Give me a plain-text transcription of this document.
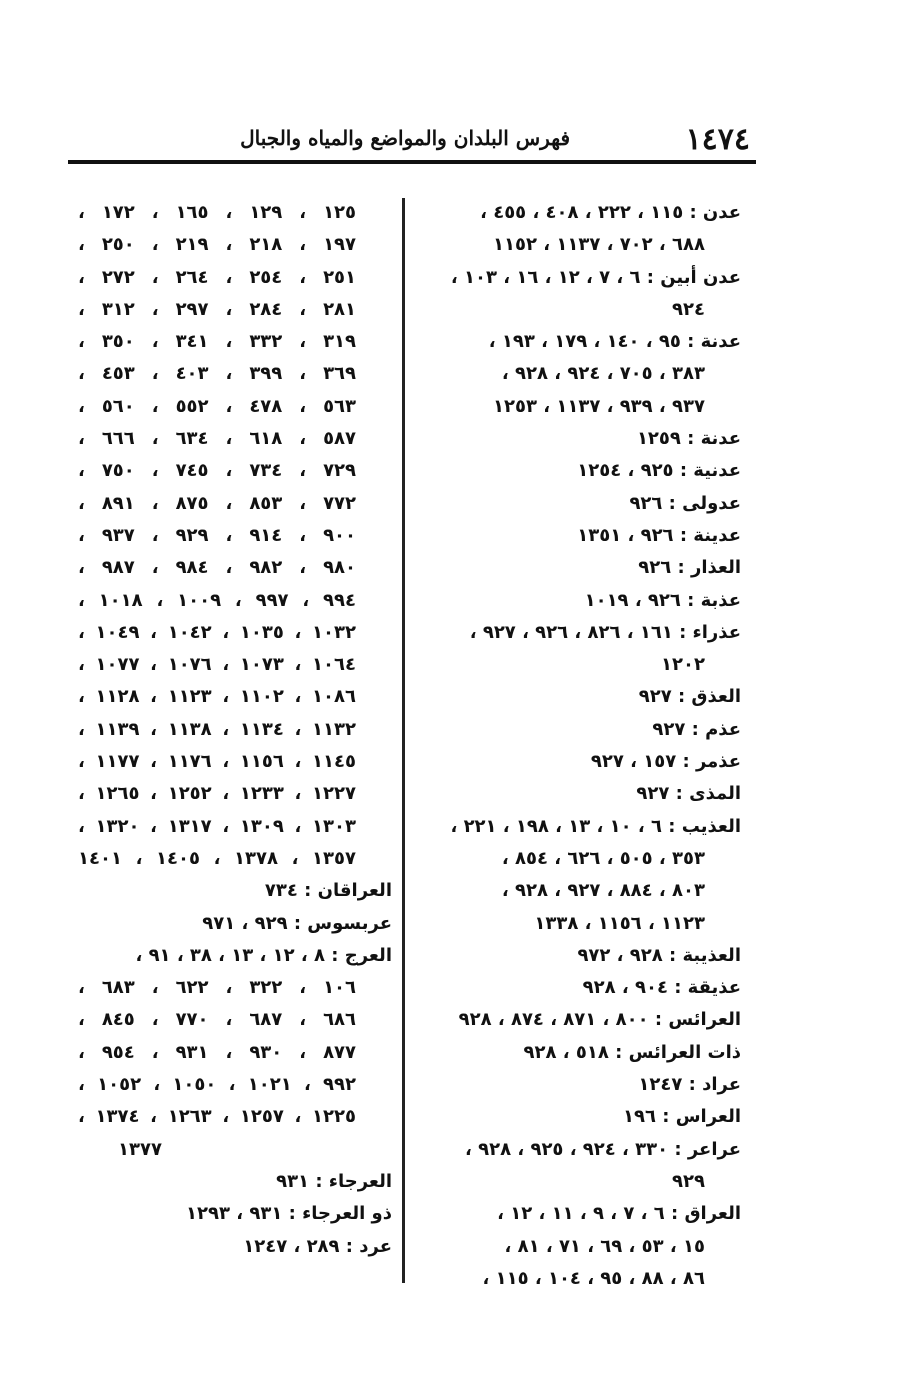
١٤٧٤
فهرس البلدان والمواضع والمياه والجبال
عدن : ١١٥ ، ٢٢٢ ، ٤٠٨ ، ٤٥٥ ،
٦٨٨ ، ٧٠٢ ، ١١٣٧ ، ١١٥٢
عدن أبين : ٦ ، ٧ ، ١٢ ، ١٦ ، ١٠٣ ،
٩٢٤
عدنة : ٩٥ ، ١٤٠ ، ١٧٩ ، ١٩٣ ،
٣٨٣ ، ٧٠٥ ، ٩٢٤ ، ٩٢٨ ،
٩٣٧ ، ٩٣٩ ، ١١٣٧ ، ١٢٥٣
عدنة : ١٢٥٩
عدنية : ٩٢٥ ، ١٢٥٤
عدولى : ٩٢٦
عدينة : ٩٢٦ ، ١٣٥١
العذار : ٩٢٦
عذبة : ٩٢٦ ، ١٠١٩
عذراء : ١٦١ ، ٨٢٦ ، ٩٢٦ ، ٩٢٧ ،
١٢٠٢
العذق : ٩٢٧
عذم : ٩٢٧
عذمر : ١٥٧ ، ٩٢٧
المذى : ٩٢٧
العذيب : ٦ ، ١٠ ، ١٣ ، ١٩٨ ، ٢٢١ ،
٣٥٣ ، ٥٠٥ ، ٦٢٦ ، ٨٥٤ ،
٨٠٣ ، ٨٨٤ ، ٩٢٧ ، ٩٢٨ ،
١١٢٣ ، ١١٥٦ ، ١٣٣٨
العذيبة : ٩٢٨ ، ٩٧٢
عذيقة : ٩٠٤ ، ٩٢٨
العرائس : ٨٠٠ ، ٨٧١ ، ٨٧٤ ، ٩٢٨
ذات العرائس : ٥١٨ ، ٩٢٨
عراد : ١٢٤٧
العراس : ١٩٦
عراعر : ٣٣٠ ، ٩٢٤ ، ٩٢٥ ، ٩٢٨ ،
٩٢٩
العراق : ٦ ، ٧ ، ٩ ، ١١ ، ١٢ ،
١٥ ، ٥٣ ، ٦٩ ، ٧١ ، ٨١ ،
٨٦ ، ٨٨ ، ٩٥ ، ١٠٤ ، ١١٥ ،
١٢٥ ، ١٢٩ ، ١٦٥ ، ١٧٢ ،
١٩٧ ، ٢١٨ ، ٢١٩ ، ٢٥٠ ،
٢٥١ ، ٢٥٤ ، ٢٦٤ ، ٢٧٢ ،
٢٨١ ، ٢٨٤ ، ٢٩٧ ، ٣١٢ ،
٣١٩ ، ٣٣٢ ، ٣٤١ ، ٣٥٠ ،
٣٦٩ ، ٣٩٩ ، ٤٠٣ ، ٤٥٣ ،
٥٦٣ ، ٤٧٨ ، ٥٥٢ ، ٥٦٠ ،
٥٨٧ ، ٦١٨ ، ٦٣٤ ، ٦٦٦ ،
٧٢٩ ، ٧٣٤ ، ٧٤٥ ، ٧٥٠ ،
٧٧٢ ، ٨٥٣ ، ٨٧٥ ، ٨٩١ ،
٩٠٠ ، ٩١٤ ، ٩٢٩ ، ٩٣٧ ،
٩٨٠ ، ٩٨٢ ، ٩٨٤ ، ٩٨٧ ،
٩٩٤ ، ٩٩٧ ، ١٠٠٩ ، ١٠١٨ ،
١٠٣٢ ، ١٠٣٥ ، ١٠٤٢ ، ١٠٤٩ ،
١٠٦٤ ، ١٠٧٣ ، ١٠٧٦ ، ١٠٧٧ ،
١٠٨٦ ، ١١٠٢ ، ١١٢٣ ، ١١٢٨ ،
١١٣٢ ، ١١٣٤ ، ١١٣٨ ، ١١٣٩ ،
١١٤٥ ، ١١٥٦ ، ١١٧٦ ، ١١٧٧ ،
١٢٢٧ ، ١٢٣٣ ، ١٢٥٢ ، ١٢٦٥ ،
١٣٠٣ ، ١٣٠٩ ، ١٣١٧ ، ١٣٢٠ ،
١٣٥٧ ، ١٣٧٨ ، ١٤٠٥ ، ١٤٠١
العراقان : ٧٣٤
عربسوس : ٩٢٩ ، ٩٧١
العرج : ٨ ، ١٢ ، ١٣ ، ٣٨ ، ٩١ ،
١٠٦ ، ٣٢٢ ، ٦٢٢ ، ٦٨٣ ،
٦٨٦ ، ٦٨٧ ، ٧٧٠ ، ٨٤٥ ،
٨٧٧ ، ٩٣٠ ، ٩٣١ ، ٩٥٤ ،
٩٩٢ ، ١٠٢١ ، ١٠٥٠ ، ١٠٥٢ ،
١٢٢٥ ، ١٢٥٧ ، ١٢٦٣ ، ١٣٧٤ ،
١٣٧٧
العرجاء : ٩٣١
ذو العرجاء : ٩٣١ ، ١٢٩٣
عرد : ٢٨٩ ، ١٢٤٧
